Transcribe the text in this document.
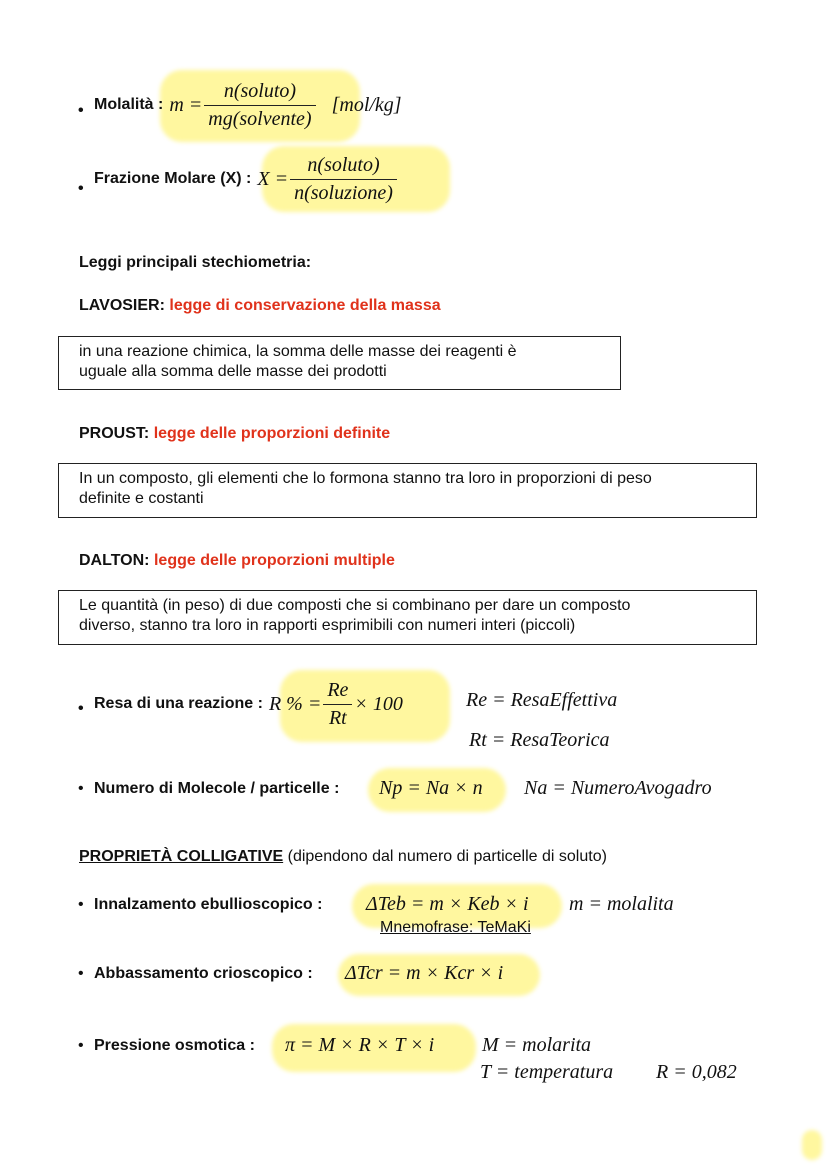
• Molalità : $m = \frac{\text{n(soluto)}}{\text{mg(solvente)}} [mol/kg]$
•
Frazione Molare (X) : $X = \frac{\text{n(soluto)}}{\text{n(soluzione)}}$
Leggi principali stechiometria:
LAVOSIER: legge di conservazione della massa
in una reazione chimica, la somma delle masse dei reagenti è
uguale alla somma delle masse dei prodotti
PROUST: legge delle proporzioni definite
In un composto, gli elementi che lo formona stanno tra loro in proporzioni di peso
definite e costanti
DALTON: legge delle proporzioni multiple
Le quantità (in peso) di due composti che si combinano per dare un composto
diverso, stanno tra loro in rapporti esprimibili con numeri interi (piccoli)
• Resa di una reazione : R % = $\frac{Re}{Rt} \times 100$	Re = ResaEffettiva
Rt = ResaTeorica
• Numero di Molecole / particelle : Np = Na × n Na = NumeroAvogadro
PROPRIETÀ COLLIGATIVE (dipendono dal numero di particelle di soluto)
• Innalzamento ebullioscopico : ΔTeb = m × Keb × i m = molalita
Mnemofrase: TeMaKi
• Abbassamento crioscopico : ΔTcr = m × Kcr × i
• Pressione osmotica : π = M × R × T × i M = molarita
T = temperatura R = 0,082
